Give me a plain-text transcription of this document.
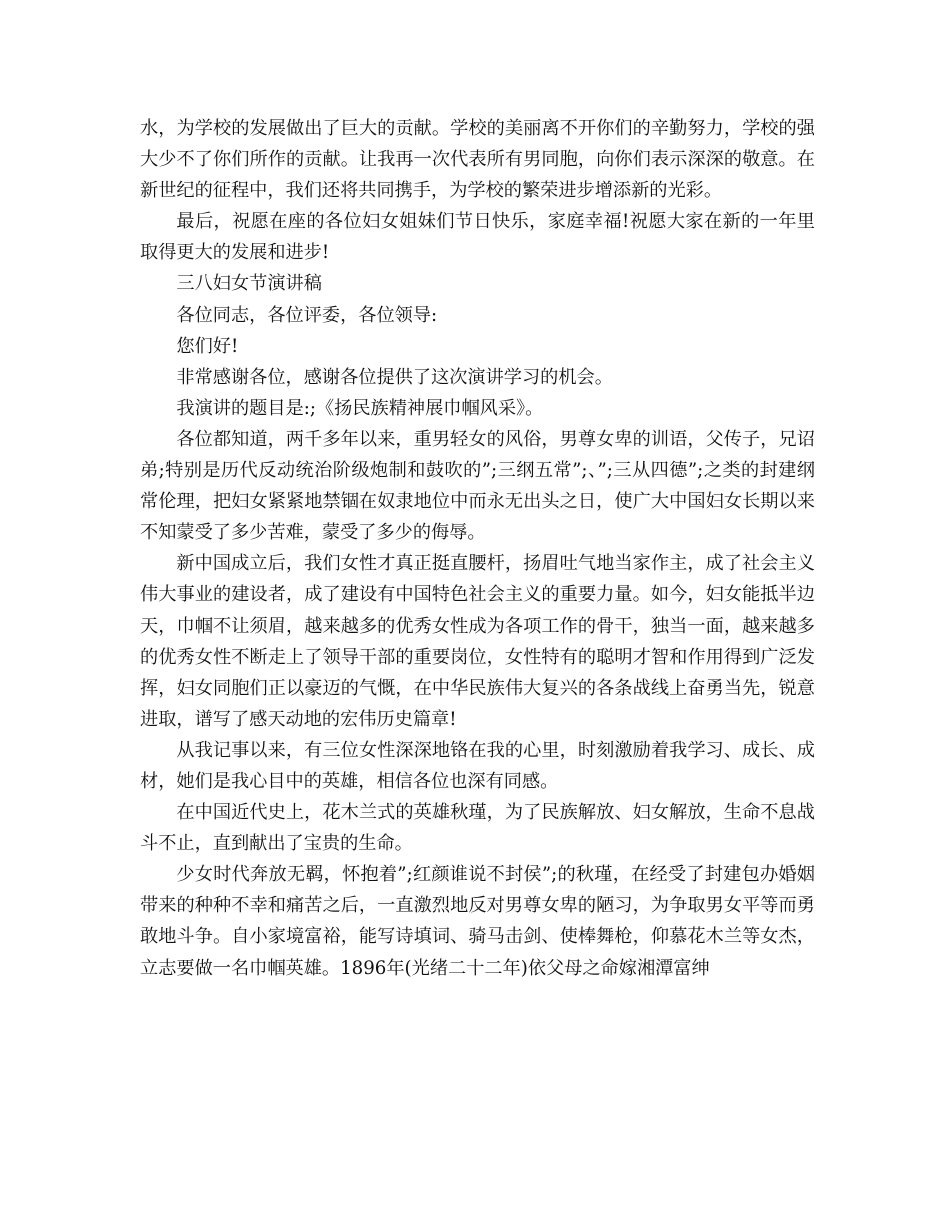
水，为学校的发展做出了巨大的贡献。学校的美丽离不开你们的辛勤努力，学校的强大少不了你们所作的贡献。让我再一次代表所有男同胞，向你们表示深深的敬意。在新世纪的征程中，我们还将共同携手，为学校的繁荣进步增添新的光彩。

最后，祝愿在座的各位妇女姐妹们节日快乐，家庭幸福!祝愿大家在新的一年里取得更大的发展和进步!

三八妇女节演讲稿

各位同志，各位评委，各位领导:

您们好!

非常感谢各位，感谢各位提供了这次演讲学习的机会。

我演讲的题目是:;《扬民族精神展巾帼风采》。

各位都知道，两千多年以来，重男轻女的风俗，男尊女卑的训语，父传子，兄诏弟;特别是历代反动统治阶级炮制和鼓吹的”;三纲五常”;、”;三从四德”;之类的封建纲常伦理，把妇女紧紧地禁锢在奴隶地位中而永无出头之日，使广大中国妇女长期以来不知蒙受了多少苦难，蒙受了多少的侮辱。

新中国成立后，我们女性才真正挺直腰杆，扬眉吐气地当家作主，成了社会主义伟大事业的建设者，成了建设有中国特色社会主义的重要力量。如今，妇女能抵半边天，巾帼不让须眉，越来越多的优秀女性成为各项工作的骨干，独当一面，越来越多的优秀女性不断走上了领导干部的重要岗位，女性特有的聪明才智和作用得到广泛发挥，妇女同胞们正以豪迈的气慨，在中华民族伟大复兴的各条战线上奋勇当先，锐意进取，谱写了感天动地的宏伟历史篇章!

从我记事以来，有三位女性深深地铬在我的心里，时刻激励着我学习、成长、成材，她们是我心目中的英雄，相信各位也深有同感。

在中国近代史上，花木兰式的英雄秋瑾，为了民族解放、妇女解放，生命不息战斗不止，直到献出了宝贵的生命。

少女时代奔放无羁，怀抱着”;红颜谁说不封侯”;的秋瑾，在经受了封建包办婚姻带来的种种不幸和痛苦之后，一直激烈地反对男尊女卑的陋习，为争取男女平等而勇敢地斗争。自小家境富裕，能写诗填词、骑马击剑、使棒舞枪，仰慕花木兰等女杰，立志要做一名巾帼英雄。1896年(光绪二十二年)依父母之命嫁湘潭富绅
